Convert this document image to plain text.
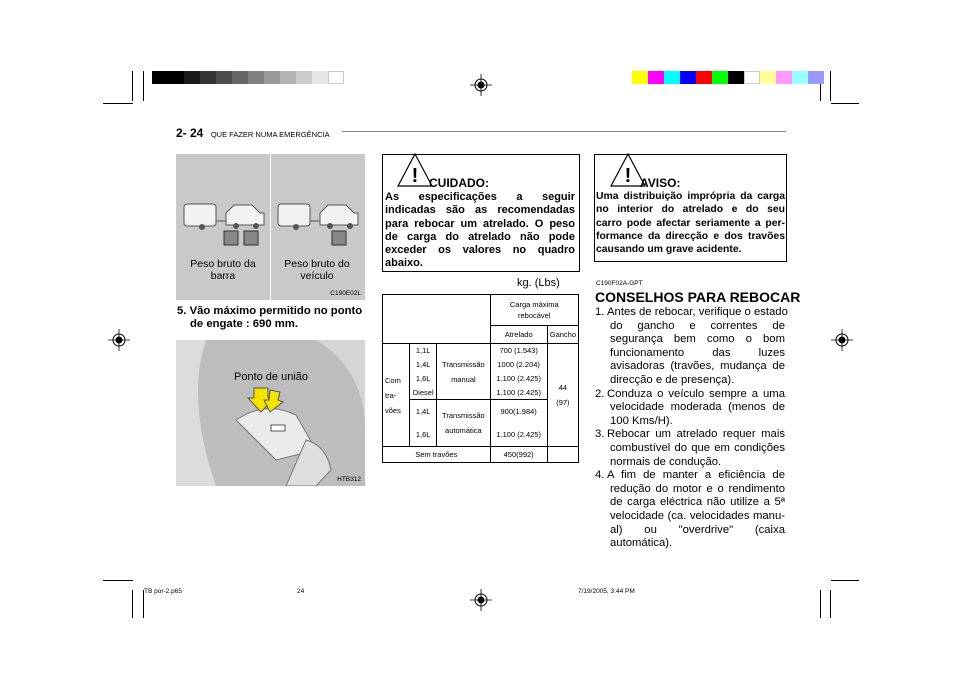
2- 24 QUE FAZER NUMA EMERGÊNCIA
Peso bruto da barra
Peso bruto do veículo
C190E02L
5. Vão máximo permitido no ponto
de engate : 690 mm.
Ponto de união
HTB312
! CUIDADO:
As especificações a seguir
indicadas são as recomendadas
para rebocar um atrelado. O peso
de carga do atrelado não pode
exceder os valores no quadro
abaixo.
kg. (Lbs)
			Carga máxima rebocável	
			Atrelado	Gancho
Com tra- vões	1,1L	Transmissão manual	700 (1.543)	44 (97)
	1,4L		1000 (2.204)	
	1,6L		1.100 (2.425)	
	Diesel		1.100 (2.425)	
	1,4L	Transmissão automática	900(1.984)	
	1,6L		1.100 (2.425)	
Sem travões			450(992)	
! AVISO:
Uma distribuição imprópria da carga
no interior do atrelado e do seu
carro pode afectar seriamente a per-
formance da direcção e dos travões
causando um grave acidente.
C190F02A-GPT
CONSELHOS PARA REBOCAR
1. Antes de rebocar, verifique o estado
do gancho e correntes de
segurança bem como o bom
funcionamento das luzes
avisadoras (travões, mudança de
direcção e de presença).
2. Conduza o veículo sempre a uma
velocidade moderada (menos de
100 Kms/H).
3. Rebocar um atrelado requer mais
combustível do que em condições
normais de condução.
4. A fim de manter a eficiência de
redução do motor e o rendimento
de carga eléctrica não utilize a 5ª
velocidade (ca. velocidades manu-
al) ou "overdrive" (caixa
automática).
TB por-2.p65	24	7/19/2005, 3:44 PM
